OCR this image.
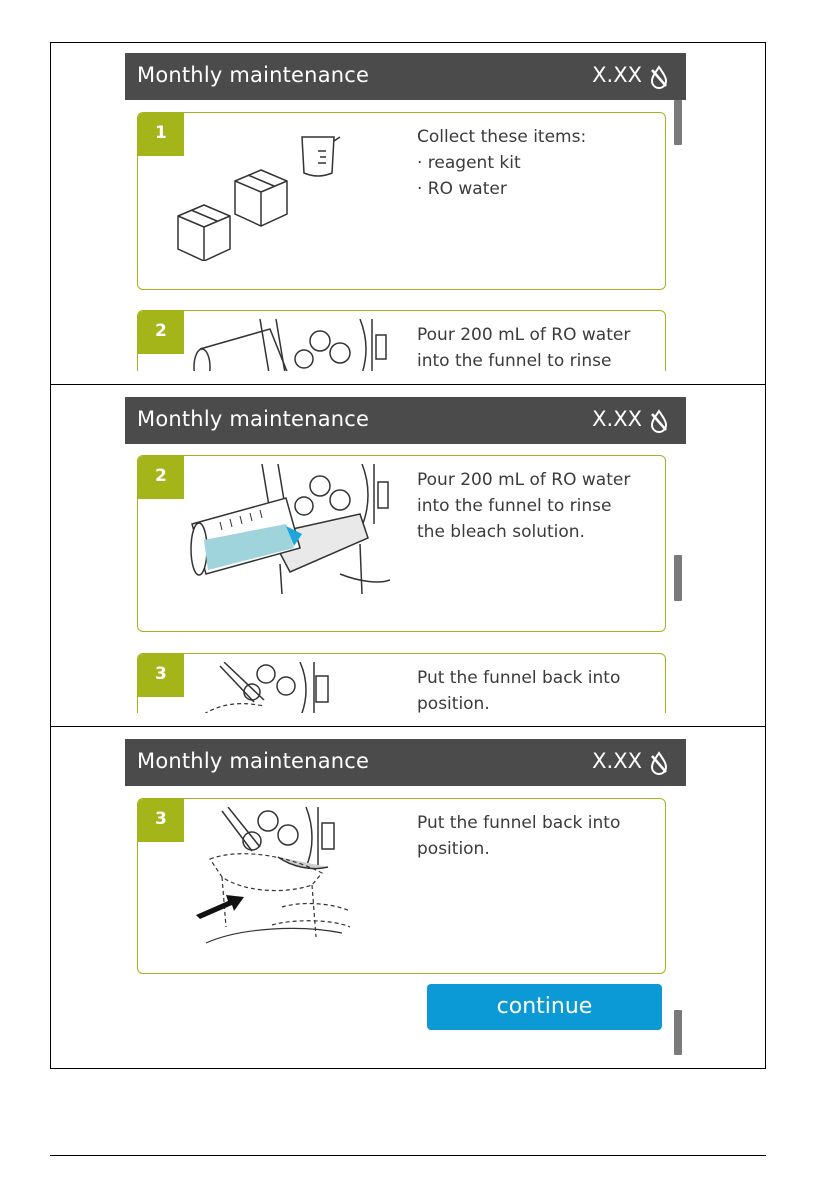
Monthly maintenance	X.XX
1	Collect these items:
· reagent kit
· RO water
2	Pour 200 mL of RO water
into the funnel to rinse
Monthly maintenance	X.XX
2	Pour 200 mL of RO water
into the funnel to rinse
the bleach solution.
3	Put the funnel back into
position.
Monthly maintenance	X.XX
3	Put the funnel back into
position.
continue
